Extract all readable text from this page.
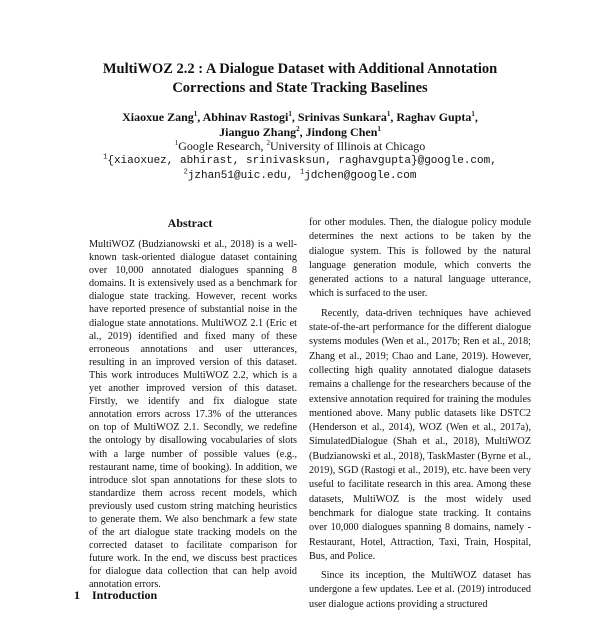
MultiWOZ 2.2 : A Dialogue Dataset with Additional Annotation
Corrections and State Tracking Baselines
Xiaoxue Zang$^1$, Abhinav Rastogi$^1$, Srinivas Sunkara$^1$, Raghav Gupta$^1$,
Jianguo Zhang$^2$, Jindong Chen$^1$
$^1$Google Research, $^2$University of Illinois at Chicago
$^1${xiaoxuez, abhirast, srinivasksun, raghavgupta}@google.com,
$^2$jzhan51@uic.edu, $^1$jdchen@google.com
Abstract
MultiWOZ (Budzianowski et al., 2018) is a well-known task-oriented dialogue dataset containing over 10,000 annotated dialogues spanning 8 domains. It is extensively used as a benchmark for dialogue state tracking. However, recent works have reported presence of substantial noise in the dialogue state annotations. MultiWOZ 2.1 (Eric et al., 2019) identified and fixed many of these erroneous annotations and user utterances, resulting in an improved version of this dataset. This work introduces MultiWOZ 2.2, which is a yet another improved version of this dataset. Firstly, we identify and fix dialogue state annotation errors across 17.3% of the utterances on top of MultiWOZ 2.1. Secondly, we redefine the ontology by disallowing vocabularies of slots with a large number of possible values (e.g., restaurant name, time of booking). In addition, we introduce slot span annotations for these slots to standardize them across recent models, which previously used custom string matching heuristics to generate them. We also benchmark a few state of the art dialogue state tracking models on the corrected dataset to facilitate comparison for future work. In the end, we discuss best practices for dialogue data collection that can help avoid annotation errors.
1 Introduction

for other modules. Then, the dialogue policy module determines the next actions to be taken by the dialogue system. This is followed by the natural language generation module, which converts the generated actions to a natural language utterance, which is surfaced to the user.

Recently, data-driven techniques have achieved state-of-the-art performance for the different dialogue systems modules (Wen et al., 2017b; Ren et al., 2018; Zhang et al., 2019; Chao and Lane, 2019). However, collecting high quality annotated dialogue datasets remains a challenge for the researchers because of the extensive annotation required for training the modules mentioned above. Many public datasets like DSTC2 (Henderson et al., 2014), WOZ (Wen et al., 2017a), SimulatedDialogue (Shah et al., 2018), MultiWOZ (Budzianowski et al., 2018), TaskMaster (Byrne et al., 2019), SGD (Rastogi et al., 2019), etc. have been very useful to facilitate research in this area. Among these datasets, MultiWOZ is the most widely used benchmark for dialogue state tracking. It contains over 10,000 dialogues spanning 8 domains, namely - Restaurant, Hotel, Attraction, Taxi, Train, Hospital, Bus, and Police.

Since its inception, the MultiWOZ dataset has undergone a few updates. Lee et al. (2019) introduced user dialogue actions providing a structured
